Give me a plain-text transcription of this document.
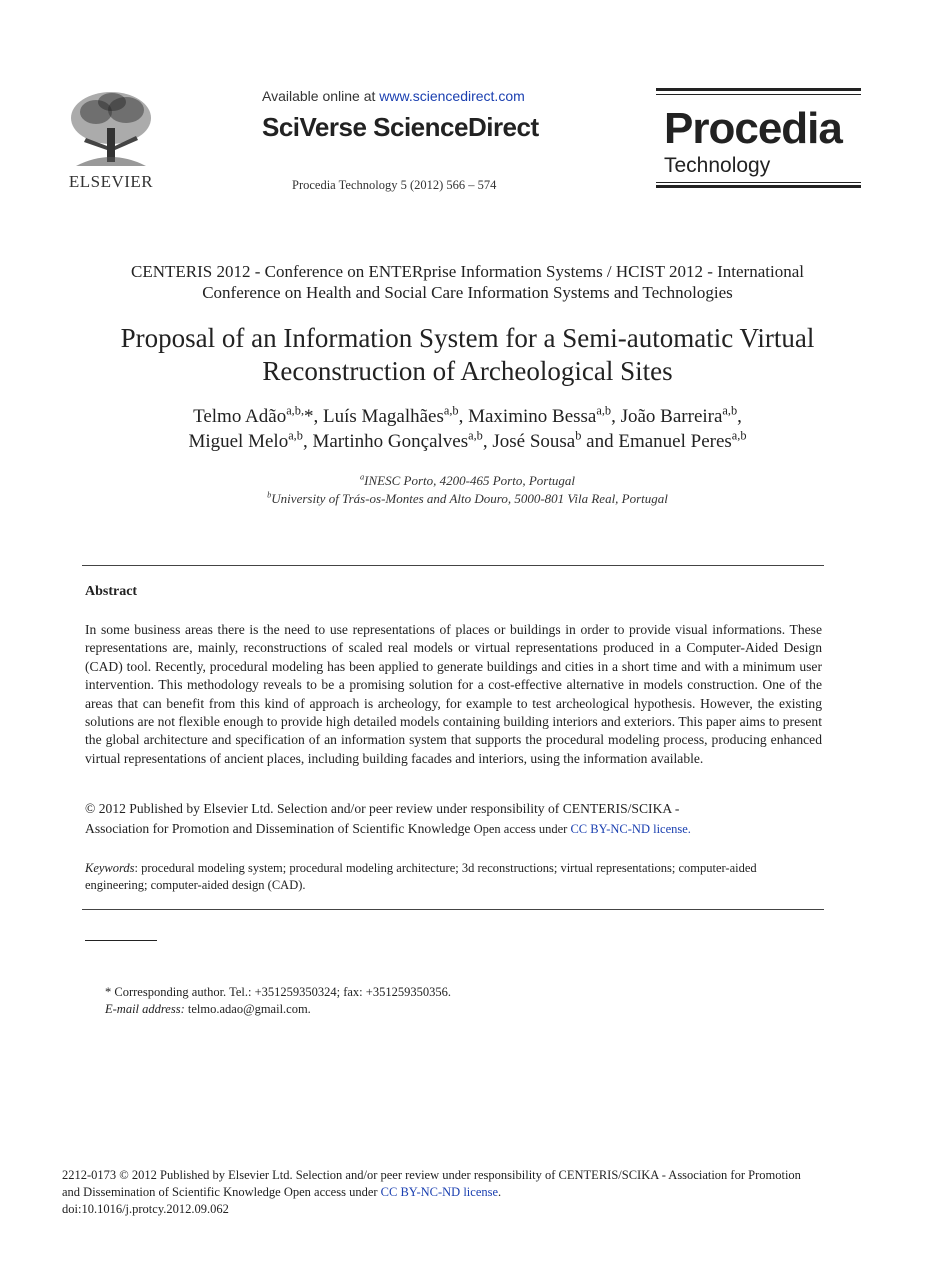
ELSEVIER
Available online at www.sciencedirect.com
SciVerse ScienceDirect
Procedia Technology 5 (2012) 566 – 574
Procedia
Technology
CENTERIS 2012 - Conference on ENTERprise Information Systems / HCIST 2012 - International
Conference on Health and Social Care Information Systems and Technologies
Proposal of an Information System for a Semi-automatic Virtual
Reconstruction of Archeological Sites
Telmo Adão$^{a,b,}$*, Luís Magalhães$^{a,b}$, Maximino Bessa$^{a,b}$, João Barreira$^{a,b}$,
Miguel Melo$^{a,b}$, Martinho Gonçalves$^{a,b}$, José Sousa$^b$ and Emanuel Peres$^{a,b}$
$^a$INESC Porto, 4200-465 Porto, Portugal
$^b$University of Trás-os-Montes and Alto Douro, 5000-801 Vila Real, Portugal
Abstract
In some business areas there is the need to use representations of places or buildings in order to provide visual informations. These representations are, mainly, reconstructions of scaled real models or virtual representations produced in a Computer-Aided Design (CAD) tool. Recently, procedural modeling has been applied to generate buildings and cities in a short time and with a minimum user intervention. This methodology reveals to be a promising solution for a cost-effective alternative in models construction. One of the areas that can benefit from this kind of approach is archeology, for example to test archeological hypothesis. However, the existing solutions are not flexible enough to provide high detailed models containing building interiors and exteriors. This paper aims to present the global architecture and specification of an information system that supports the procedural modeling process, producing enhanced virtual representations of ancient places, including building facades and interiors, using the information available.
© 2012 Published by Elsevier Ltd. Selection and/or peer review under responsibility of CENTERIS/SCIKA -
Association for Promotion and Dissemination of Scientific Knowledge Open access under CC BY-NC-ND license.
Keywords: procedural modeling system; procedural modeling architecture; 3d reconstructions; virtual representations; computer-aided engineering; computer-aided design (CAD).
* Corresponding author. Tel.: +351259350324; fax: +351259350356.
E-mail address: telmo.adao@gmail.com.
2212-0173 © 2012 Published by Elsevier Ltd. Selection and/or peer review under responsibility of CENTERIS/SCIKA - Association for Promotion
and Dissemination of Scientific Knowledge Open access under CC BY-NC-ND license.
doi:10.1016/j.protcy.2012.09.062
